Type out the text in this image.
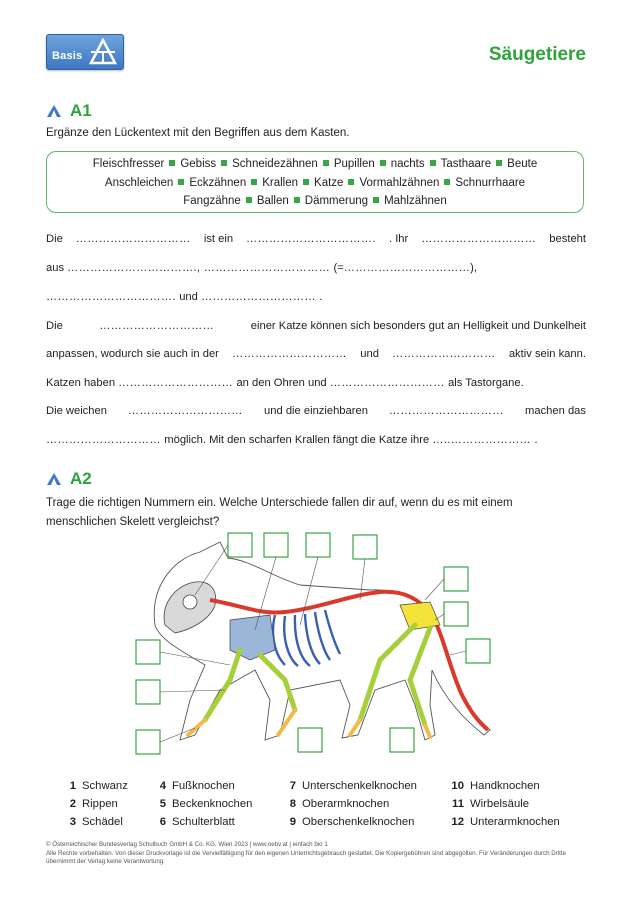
Basis	Säugetiere
A1
Ergänze den Lückentext mit den Begriffen aus dem Kasten.
Fleischfresser Gebiss Schneidezähnen Pupillen nachts Tasthaare Beute
Anschleichen Eckzähnen Krallen Katze Vormahlzähnen Schnurrhaare
Fangzähne Ballen Dämmerung Mahlzähnen
Die ………………………… ist ein ……………………………. . Ihr ………………………… besteht
aus ……………………………., …………………………… (=……………………………),
……………………………. und ………………………… .
Die	…………………………	einer Katze können sich besonders gut an Helligkeit und Dunkelheit
anpassen, wodurch sie auch in der ………………………… und ……………………… aktiv sein kann.
Katzen haben ………………………… an den Ohren und ………………………… als Tastorgane.
Die weichen ………………………… und die einziehbaren ………………………… machen das
………………………… möglich. Mit den scharfen Krallen fängt die Katze ihre …..………………… .
A2
Trage die richtigen Nummern ein. Welche Unterschiede fallen dir auf, wenn du es mit einem menschlichen Skelett vergleichst?
1 Schwanz
2 Rippen
3 Schädel
4 Fußknochen
5 Beckenknochen
6 Schulterblatt
7 Unterschenkelknochen
8 Oberarmknochen
9 Oberschenkelknochen
10 Handknochen
11 Wirbelsäule
12 Unterarmknochen
© Österreichischer Bundesverlag Schulbuch GmbH & Co. KG, Wien 2023 | www.oebv.at | einfach bio 1
Alle Rechte vorbehalten. Von dieser Druckvorlage ist die Vervielfältigung für den eigenen Unterrichtsgebrauch gestattet. Die Kopiergebühren sind abgegolten. Für Veränderungen durch Dritte übernimmt der Verlag keine Verantwortung.
